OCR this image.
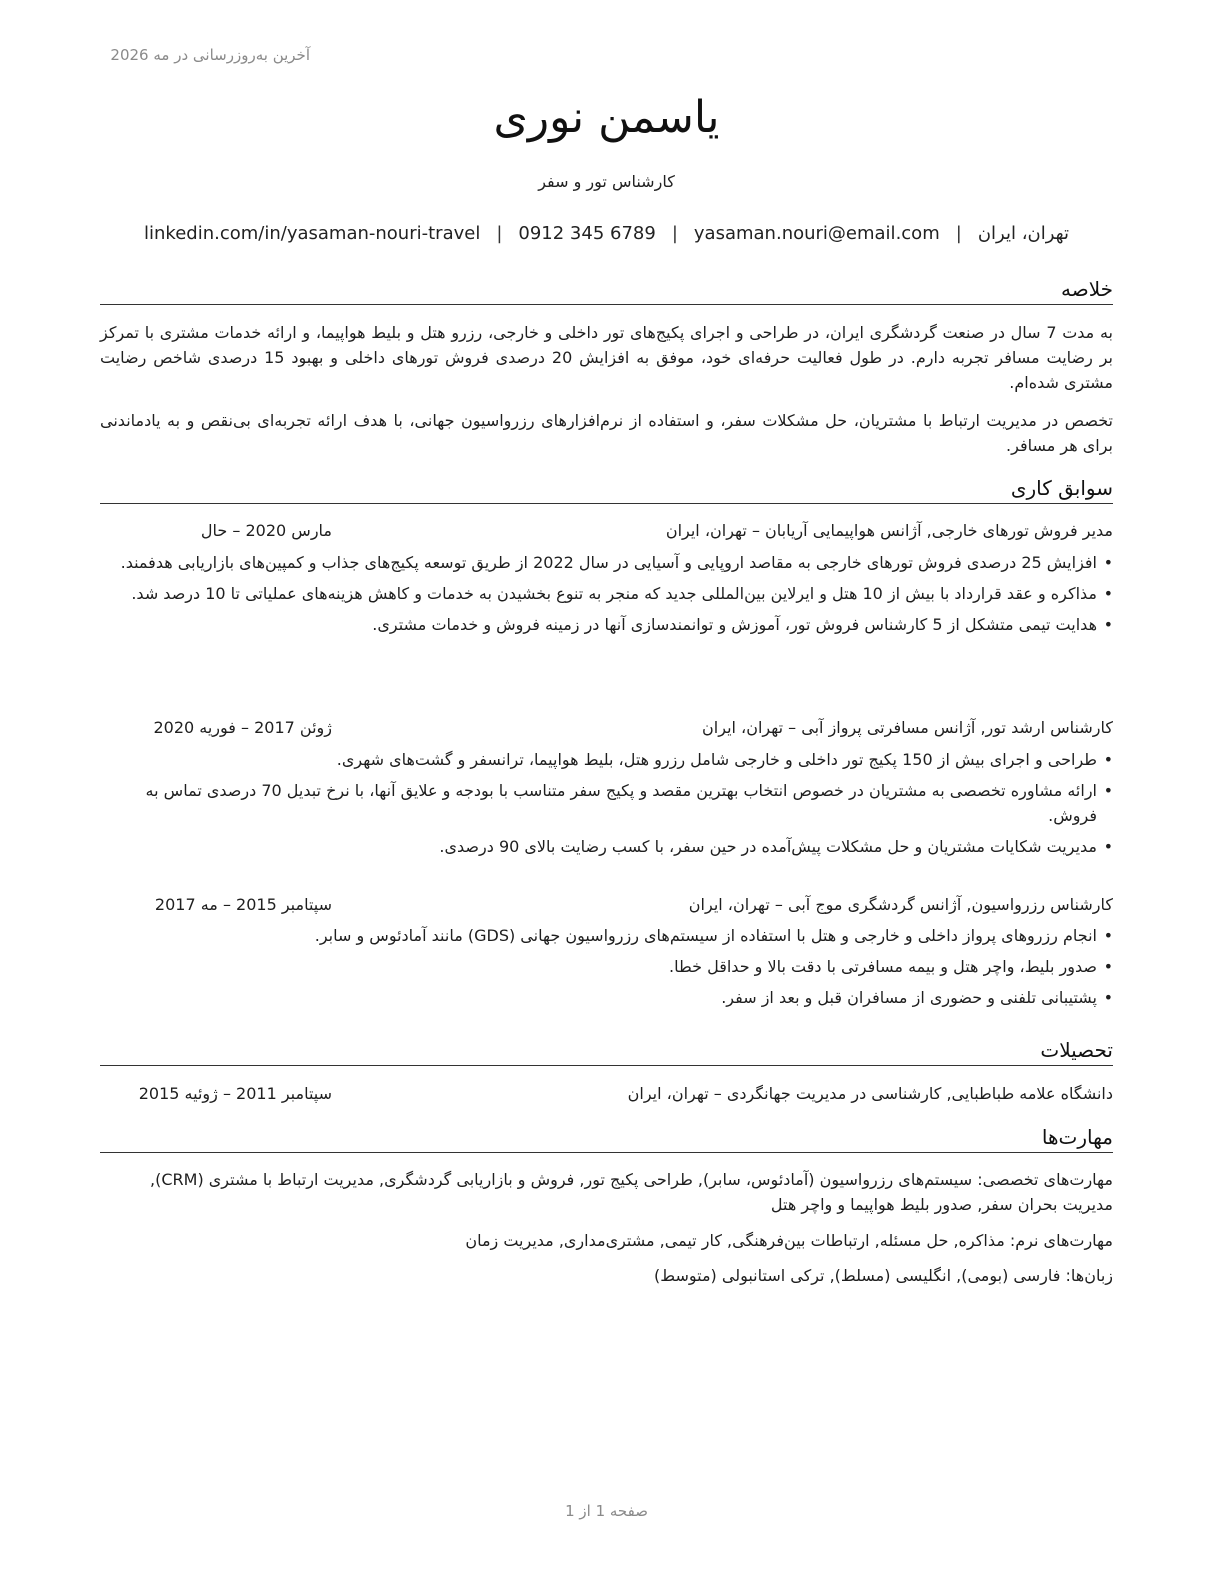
آخرین به‌روزرسانی در مه 2026
یاسمن نوری
کارشناس تور و سفر
تهران، ایران|yasaman.nouri@email.com|0912 345 6789|linkedin.com/in/yasaman-nouri-travel
خلاصه
به مدت 7 سال در صنعت گردشگری ایران، در طراحی و اجرای پکیج‌های تور داخلی و خارجی، رزرو هتل و بلیط هواپیما، و ارائه خدمات مشتری با تمرکز بر رضایت مسافر تجربه دارم. در طول فعالیت حرفه‌ای خود، موفق به افزایش 20 درصدی فروش تورهای داخلی و بهبود 15 درصدی شاخص رضایت مشتری شده‌ام.
تخصص در مدیریت ارتباط با مشتریان، حل مشکلات سفر، و استفاده از نرم‌افزارهای رزرواسیون جهانی، با هدف ارائه تجربه‌ای بی‌نقص و به یادماندنی برای هر مسافر.
سوابق کاری
مدیر فروش تورهای خارجی, آژانس هواپیمایی آریابان – تهران، ایران
مارس 2020 – حال
•
افزایش 25 درصدی فروش تورهای خارجی به مقاصد اروپایی و آسیایی در سال 2022 از طریق توسعه پکیج‌های جذاب و کمپین‌های بازاریابی هدفمند.
•
مذاکره و عقد قرارداد با بیش از 10 هتل و ایرلاین بین‌المللی جدید که منجر به تنوع بخشیدن به خدمات و کاهش هزینه‌های عملیاتی تا 10 درصد شد.
•
هدایت تیمی متشکل از 5 کارشناس فروش تور، آموزش و توانمندسازی آنها در زمینه فروش و خدمات مشتری.
کارشناس ارشد تور, آژانس مسافرتی پرواز آبی – تهران، ایران
ژوئن 2017 – فوریه 2020
•
طراحی و اجرای بیش از 150 پکیج تور داخلی و خارجی شامل رزرو هتل، بلیط هواپیما، ترانسفر و گشت‌های شهری.
•
ارائه مشاوره تخصصی به مشتریان در خصوص انتخاب بهترین مقصد و پکیج سفر متناسب با بودجه و علایق آنها، با نرخ تبدیل 70 درصدی تماس به فروش.
•
مدیریت شکایات مشتریان و حل مشکلات پیش‌آمده در حین سفر، با کسب رضایت بالای 90 درصدی.
کارشناس رزرواسیون, آژانس گردشگری موج آبی – تهران، ایران
سپتامبر 2015 – مه 2017
•
انجام رزروهای پرواز داخلی و خارجی و هتل با استفاده از سیستم‌های رزرواسیون جهانی (GDS) مانند آمادئوس و سابر.
•
صدور بلیط، واچر هتل و بیمه مسافرتی با دقت بالا و حداقل خطا.
•
پشتیبانی تلفنی و حضوری از مسافران قبل و بعد از سفر.
تحصیلات
دانشگاه علامه طباطبایی, کارشناسی در مدیریت جهانگردی – تهران، ایران
سپتامبر 2011 – ژوئیه 2015
مهارت‌ها
مهارت‌های تخصصی: سیستم‌های رزرواسیون (آمادئوس، سابر), طراحی پکیج تور, فروش و بازاریابی گردشگری, مدیریت ارتباط با مشتری (CRM), مدیریت بحران سفر, صدور بلیط هواپیما و واچر هتل
مهارت‌های نرم: مذاکره, حل مسئله, ارتباطات بین‌فرهنگی, کار تیمی, مشتری‌مداری, مدیریت زمان
زبان‌ها: فارسی (بومی), انگلیسی (مسلط), ترکی استانبولی (متوسط)
صفحه 1 از 1
